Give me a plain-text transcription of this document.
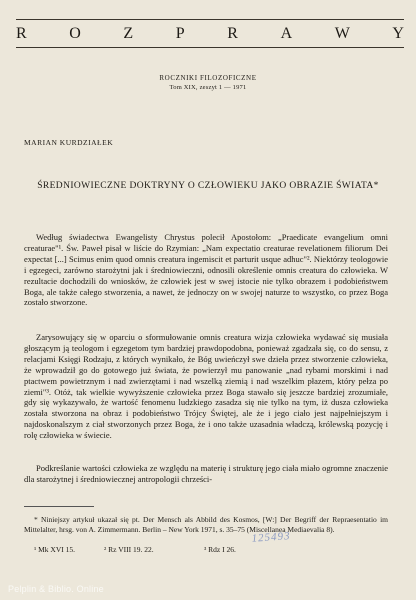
R	O	Z	P	R	A	W	Y

ROCZNIKI FILOZOFICZNE

Tom XIX, zeszyt 1 — 1971

MARIAN KURDZIAŁEK

ŚREDNIOWIECZNE DOKTRYNY O CZŁOWIEKU JAKO OBRAZIE ŚWIATA*

Według świadectwa Ewangelisty Chrystus polecił Apostołom: „Praedicate evangelium omni creaturae"¹. Św. Paweł pisał w liście do Rzymian: „Nam expectatio creaturae revelationem filiorum Dei expectat [...] Scimus enim quod omnis creatura ingemiscit et parturit usque adhuc"². Niektórzy teologowie i egzegeci, zarówno starożytni jak i średniowieczni, odnosili określenie omnis creatura do człowieka. W rezultacie dochodzili do wniosków, że człowiek jest w swej istocie nie tylko obrazem i podobieństwem Boga, ale także całego stworzenia, a nawet, że jednoczy on w swojej naturze to wszystko, co przez Boga zostało stworzone.

Zarysowujący się w oparciu o sformułowanie omnis creatura wizja człowieka wydawać się musiała głoszącym ją teologom i egzegetom tym bardziej prawdopodobna, ponieważ zgadzała się, co do sensu, z relacjami Księgi Rodzaju, z których wynikało, że Bóg uwieńczył swe dzieła przez stworzenie człowieka, że wprowadził go do gotowego już świata, że powierzył mu panowanie „nad rybami morskimi i nad ptactwem powietrznym i nad zwierzętami i nad wszelką ziemią i nad wszelkim płazem, który pełza po ziemi"³. Otóż, tak wielkie wywyższenie człowieka przez Boga stawało się jeszcze bardziej zrozumiałe, gdy się wykazywało, że wartość fenomenu ludzkiego zasadza się nie tylko na tym, iż dusza człowieka została stworzona na obraz i podobieństwo Trójcy Świętej, ale że i jego ciało jest najpełniejszym i najdoskonalszym z ciał stworzonych przez Boga, że i ono także uzasadnia władczą, królewską pozycję i rolę człowieka w świecie.

Podkreślanie wartości człowieka ze względu na materię i strukturę jego ciała miało ogromne znaczenie dla starożytnej i średniowiecznej antropologii chrześci-

* Niniejszy artykuł ukazał się pt. Der Mensch als Abbild des Kosmos, [W:] Der Begriff der Repraesentatio im Mittelalter, hrsg. von A. Zimmermann. Berlin – New York 1971, s. 35–75 (Miscellanea Mediaevalia 8).

¹ Mk XVI 15.	² Rz VIII 19. 22.	³ Rdz I 26.
125493
Pelplin & Biblio. Online
